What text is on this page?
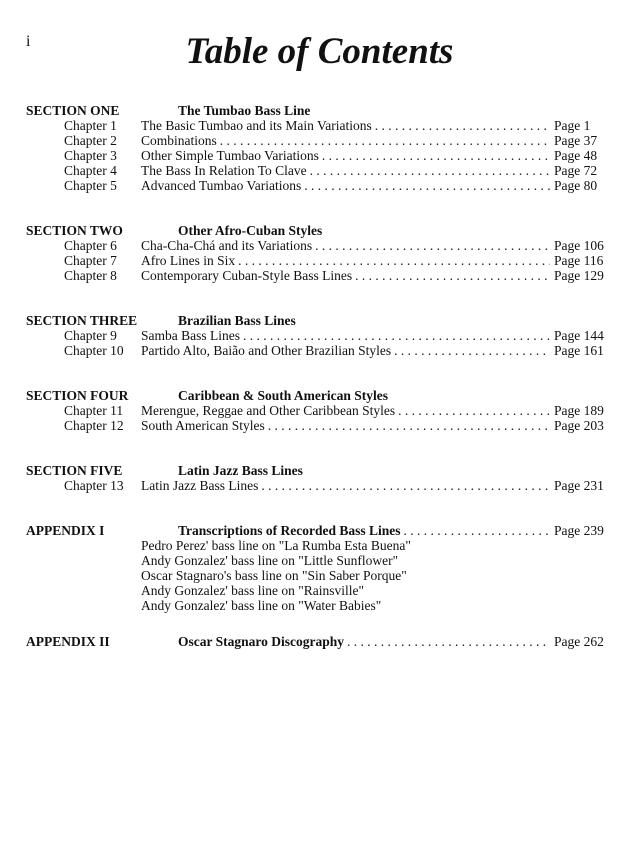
i	Table of Contents
SECTION ONE	The Tumbao Bass Line
Chapter 1 The Basic Tumbao and its Main Variations . . .	Page 1
Chapter 2 Combinations . . .	Page 37
Chapter 3 Other Simple Tumbao Variations . . .	Page 48
Chapter 4 The Bass In Relation To Clave . . .	Page 72
Chapter 5 Advanced Tumbao Variations . . .	Page 80
SECTION TWO	Other Afro-Cuban Styles
Chapter 6 Cha-Cha-Chá and its Variations . . .	Page 106
Chapter 7 Afro Lines in Six . . .	Page 116
Chapter 8 Contemporary Cuban-Style Bass Lines . . .	Page 129
SECTION THREE	Brazilian Bass Lines
Chapter 9 Samba Bass Lines . . .	Page 144
Chapter 10 Partido Alto, Baião and Other Brazilian Styles . . .	Page 161
SECTION FOUR	Caribbean & South American Styles
Chapter 11 Merengue, Reggae and Other Caribbean Styles . . .	Page 189
Chapter 12 South American Styles . . .	Page 203
SECTION FIVE	Latin Jazz Bass Lines
Chapter 13 Latin Jazz Bass Lines . . .	Page 231
APPENDIX I	Transcriptions of Recorded Bass Lines . . .	Page 239
Pedro Perez' bass line on "La Rumba Esta Buena"
Andy Gonzalez' bass line on "Little Sunflower"
Oscar Stagnaro's bass line on "Sin Saber Porque"
Andy Gonzalez' bass line on "Rainsville"
Andy Gonzalez' bass line on "Water Babies"
APPENDIX II	Oscar Stagnaro Discography . . .	Page 262
